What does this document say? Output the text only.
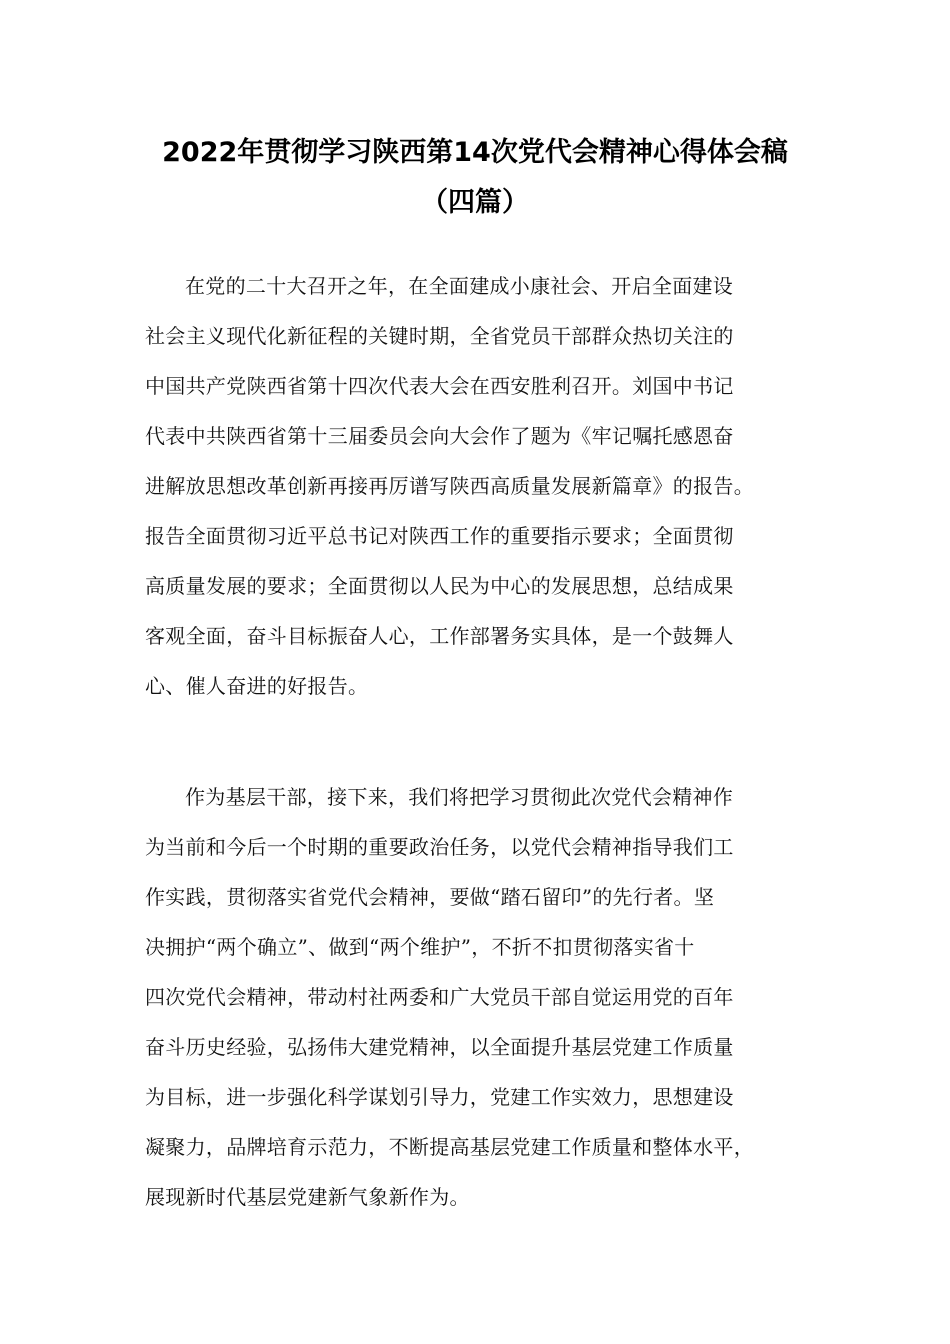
2022年贯彻学习陕西第14次党代会精神心得体会稿
（四篇）
在党的二十大召开之年，在全面建成小康社会、开启全面建设
社会主义现代化新征程的关键时期，全省党员干部群众热切关注的
中国共产党陕西省第十四次代表大会在西安胜利召开。刘国中书记
代表中共陕西省第十三届委员会向大会作了题为《牢记嘱托感恩奋
进解放思想改革创新再接再厉谱写陕西高质量发展新篇章》的报告。
报告全面贯彻习近平总书记对陕西工作的重要指示要求；全面贯彻
高质量发展的要求；全面贯彻以人民为中心的发展思想，总结成果
客观全面，奋斗目标振奋人心，工作部署务实具体，是一个鼓舞人
心、催人奋进的好报告。
作为基层干部，接下来，我们将把学习贯彻此次党代会精神作
为当前和今后一个时期的重要政治任务，以党代会精神指导我们工
作实践，贯彻落实省党代会精神，要做“踏石留印”的先行者。坚
决拥护“两个确立”、做到“两个维护”，不折不扣贯彻落实省十
四次党代会精神，带动村社两委和广大党员干部自觉运用党的百年
奋斗历史经验，弘扬伟大建党精神，以全面提升基层党建工作质量
为目标，进一步强化科学谋划引导力，党建工作实效力，思想建设
凝聚力，品牌培育示范力，不断提高基层党建工作质量和整体水平，
展现新时代基层党建新气象新作为。
